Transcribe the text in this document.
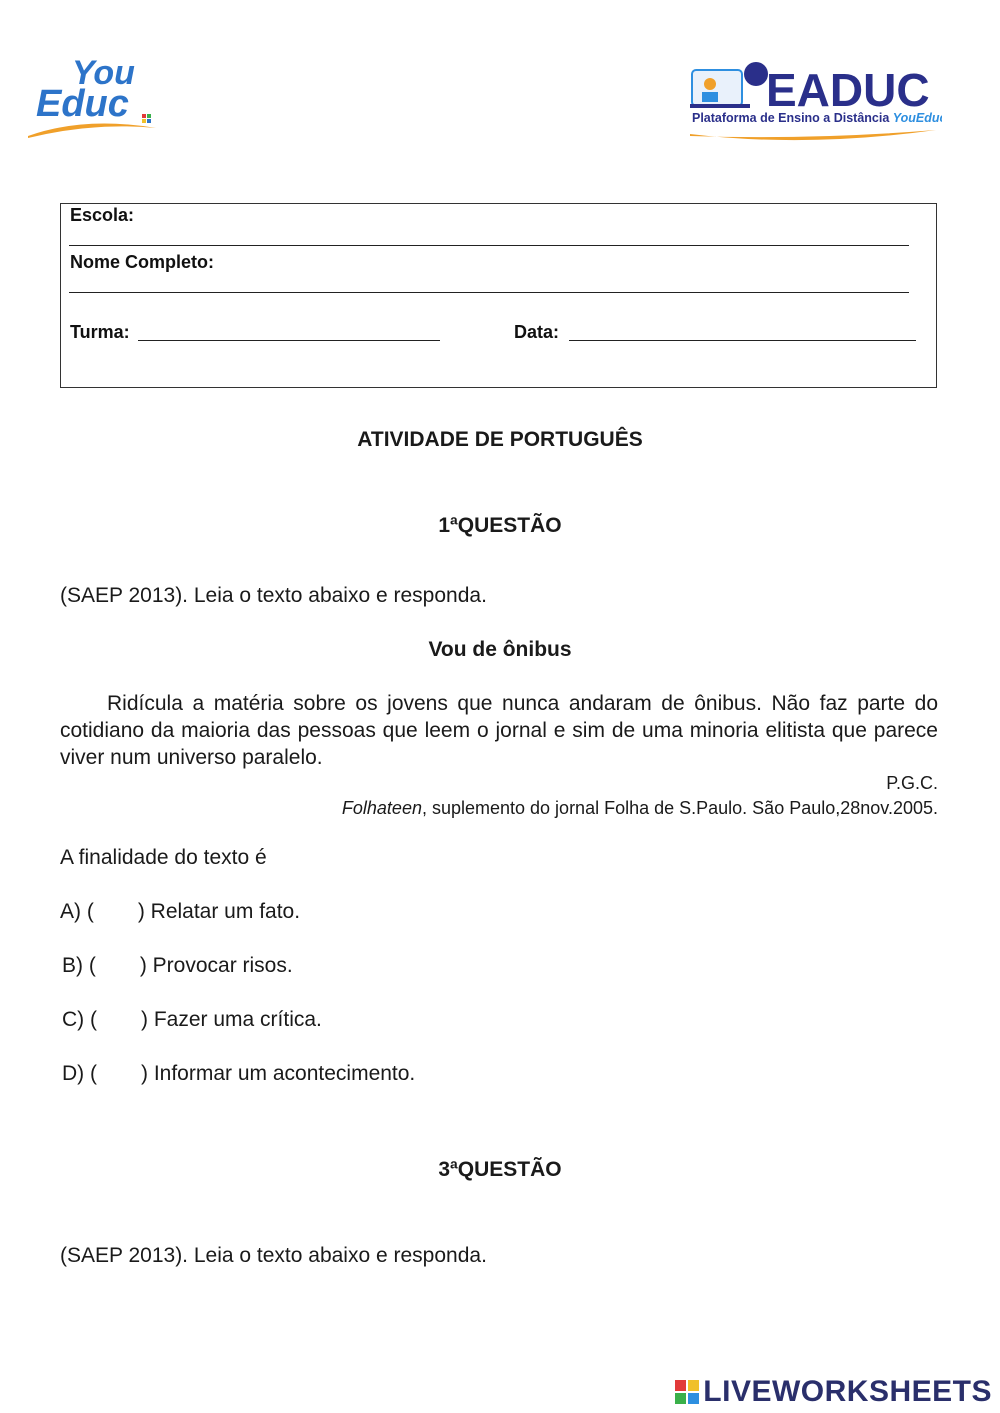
You
Educ	EADUC
Plataforma de Ensino a Distância YouEduc
Escola:
Nome Completo:
Turma:	Data:
ATIVIDADE DE PORTUGUÊS
1ªQUESTÃO
(SAEP 2013). Leia o texto abaixo e responda.
Vou de ônibus
Ridícula a matéria sobre os jovens que nunca andaram de ônibus. Não faz parte do cotidiano da maioria das pessoas que leem o jornal e sim de uma minoria elitista que parece viver num universo paralelo.
P.G.C.
Folhateen, suplemento do jornal Folha de S.Paulo. São Paulo,28nov.2005.
A finalidade do texto é
A) ( ) Relatar um fato.
B) ( ) Provocar risos.
C) ( ) Fazer uma crítica.
D) ( ) Informar um acontecimento.
3ªQUESTÃO
(SAEP 2013). Leia o texto abaixo e responda.
LIVEWORKSHEETS
